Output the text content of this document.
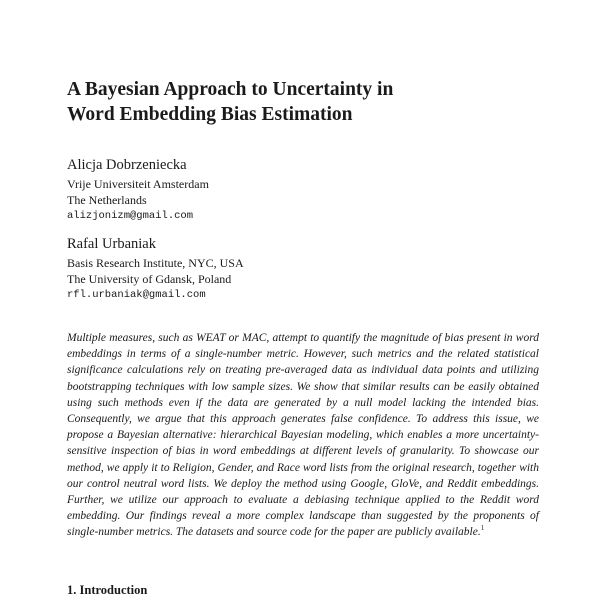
A Bayesian Approach to Uncertainty in
Word Embedding Bias Estimation

Alicja Dobrzeniecka

Vrije Universiteit Amsterdam

The Netherlands

alizjonizm@gmail.com

Rafal Urbaniak

Basis Research Institute, NYC, USA

The University of Gdansk, Poland

rfl.urbaniak@gmail.com

Multiple measures, such as WEAT or MAC, attempt to quantify the magnitude of bias present in word embeddings in terms of a single-number metric. However, such metrics and the related statistical significance calculations rely on treating pre-averaged data as individual data points and utilizing bootstrapping techniques with low sample sizes. We show that similar results can be easily obtained using such methods even if the data are generated by a null model lacking the intended bias. Consequently, we argue that this approach generates false confidence. To address this issue, we propose a Bayesian alternative: hierarchical Bayesian modeling, which enables a more uncertainty-sensitive inspection of bias in word embeddings at different levels of granularity. To showcase our method, we apply it to Religion, Gender, and Race word lists from the original research, together with our control neutral word lists. We deploy the method using Google, GloVe, and Reddit embeddings. Further, we utilize our approach to evaluate a debiasing technique applied to the Reddit word embedding. Our findings reveal a more complex landscape than suggested by the proponents of single-number metrics. The datasets and source code for the paper are publicly available.$^1$

1. Introduction
